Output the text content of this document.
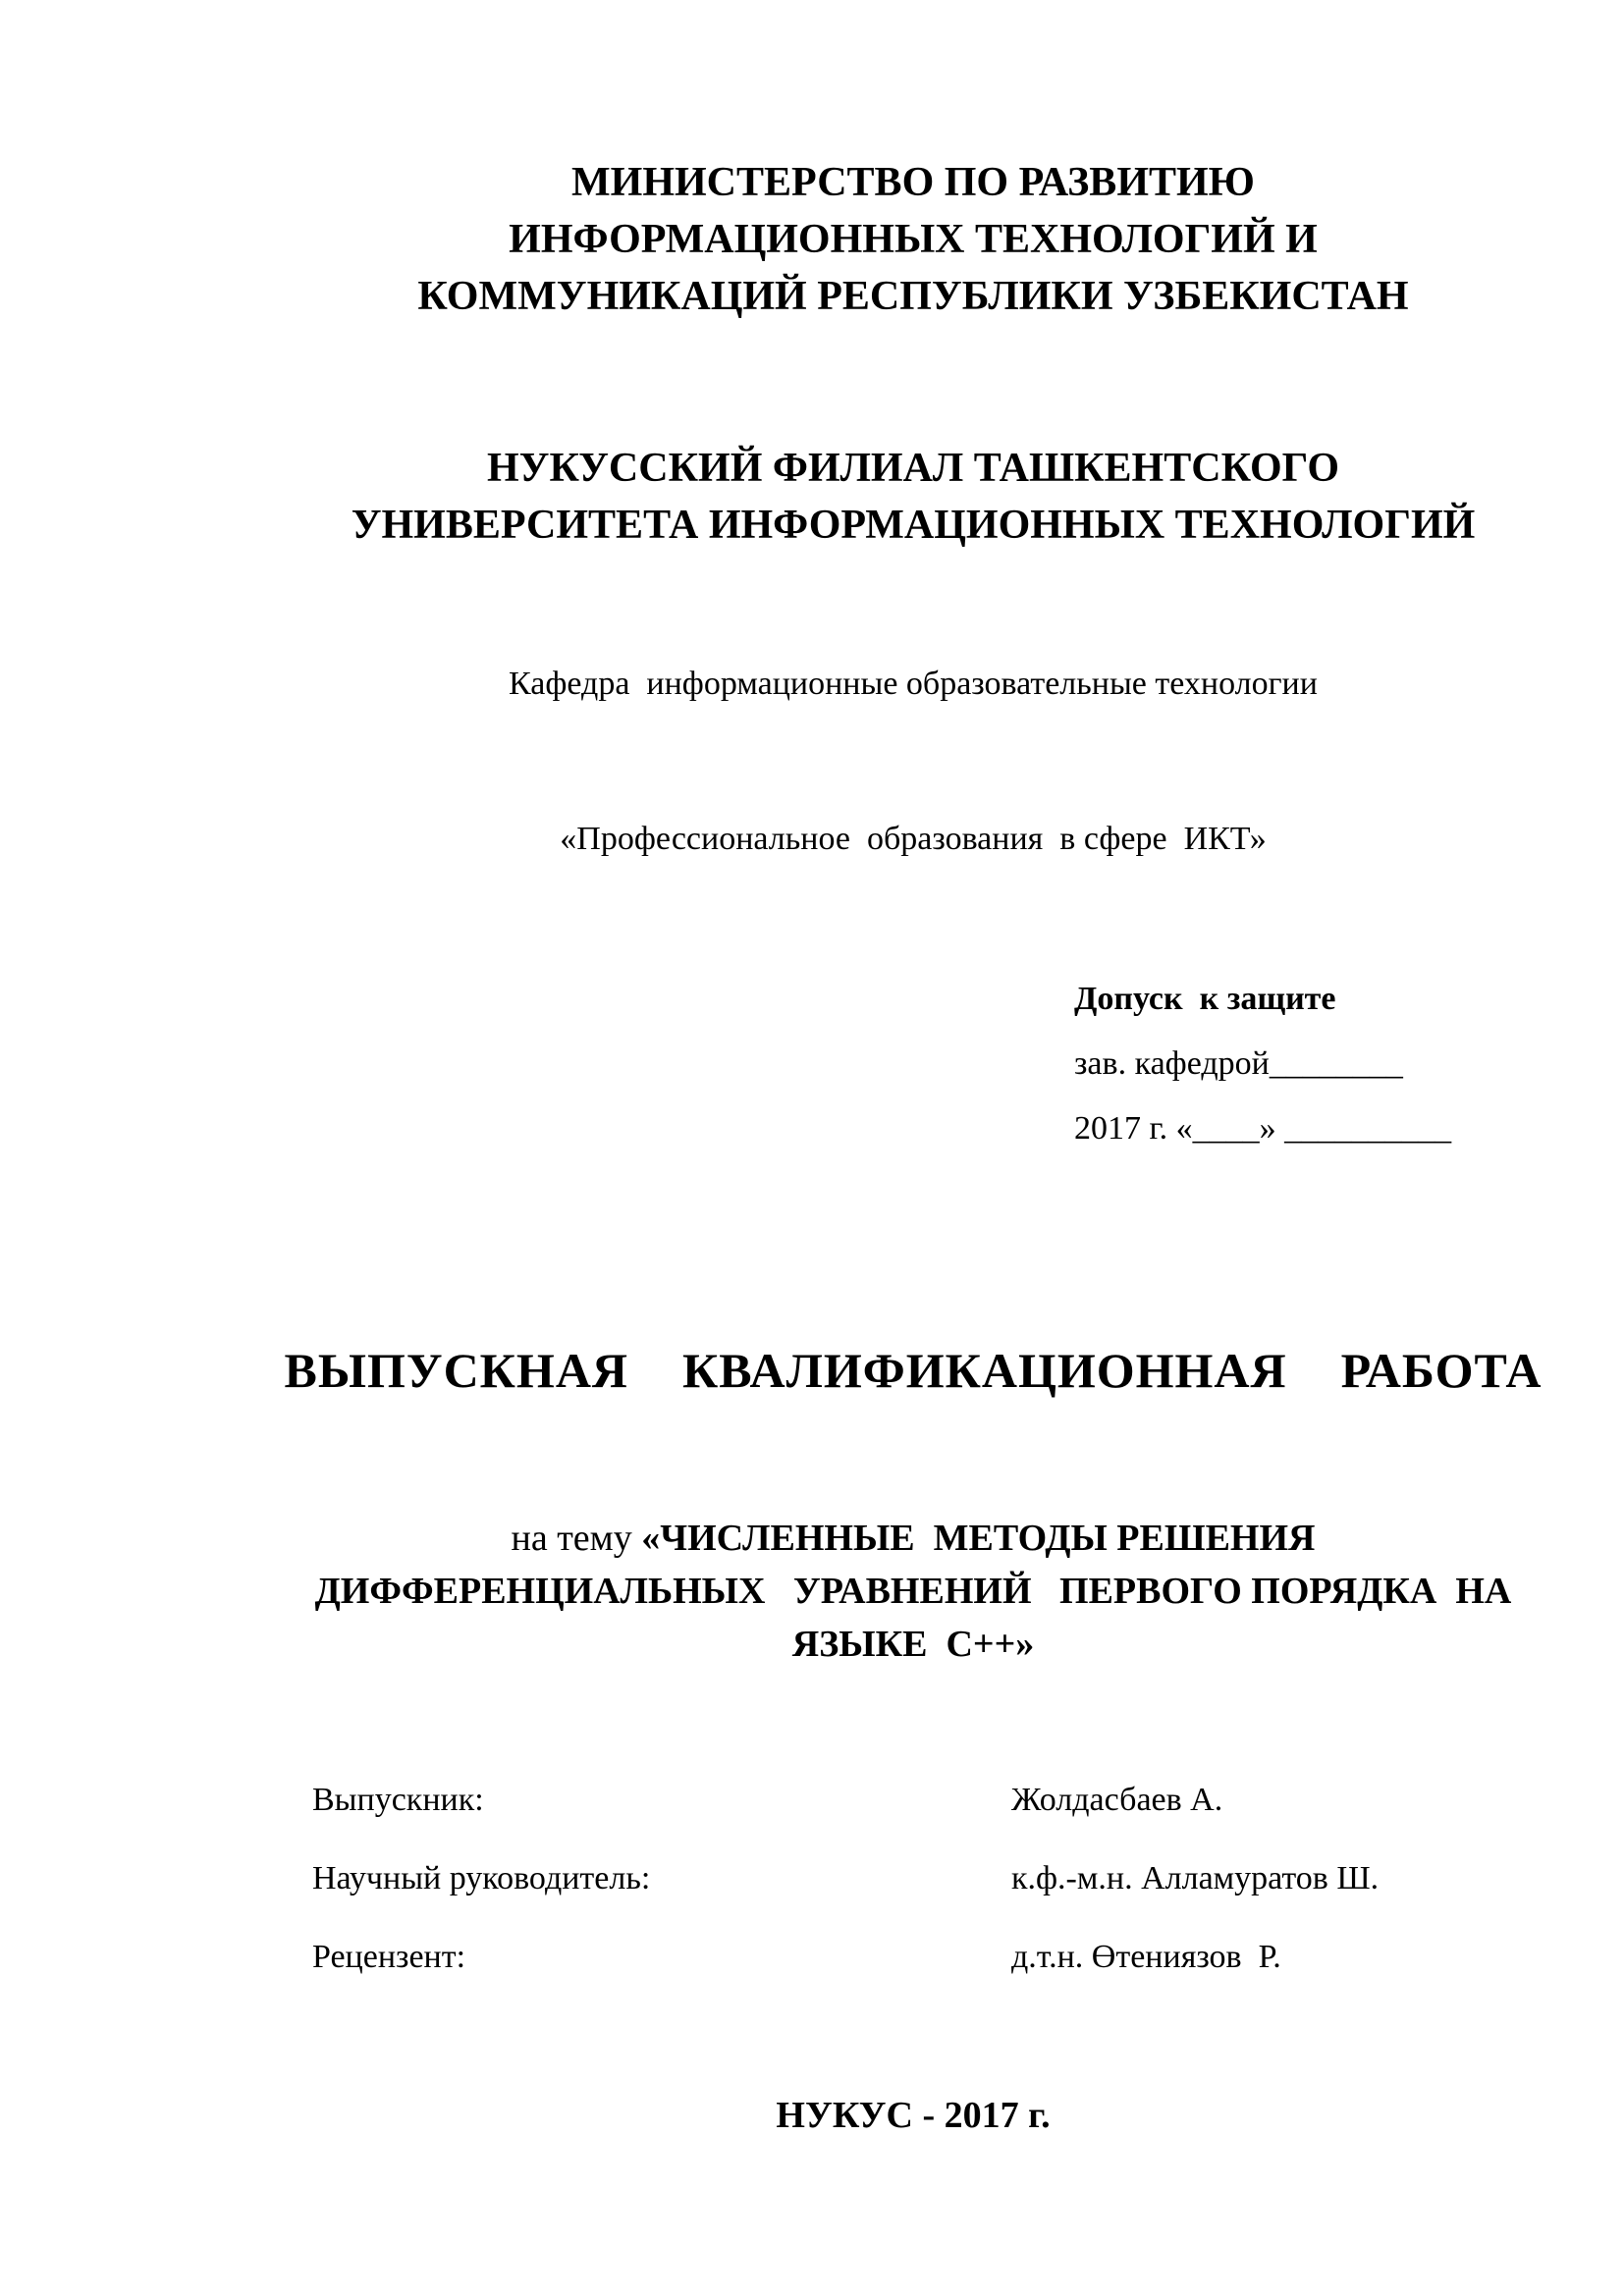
МИНИСТЕРСТВО ПО РАЗВИТИЮ
ИНФОРМАЦИОННЫХ ТЕХНОЛОГИЙ И
КОММУНИКАЦИЙ РЕСПУБЛИКИ УЗБЕКИСТАН
НУКУССКИЙ ФИЛИАЛ ТАШКЕНТСКОГО
УНИВЕРСИТЕТА ИНФОРМАЦИОННЫХ ТЕХНОЛОГИЙ
Кафедра  информационные образовательные технологии
«Профессиональное  образования  в сфере  ИКТ»
Допуск  к защите
зав. кафедрой________
2017 г. «____» __________
ВЫПУСКНАЯ  КВАЛИФИКАЦИОННАЯ  РАБОТА
на тему «ЧИСЛЕННЫЕ  МЕТОДЫ РЕШЕНИЯ
ДИФФЕРЕНЦИАЛЬНЫХ   УРАВНЕНИЙ   ПЕРВОГО ПОРЯДКА  НА
ЯЗЫКЕ  С++»
Выпускник:	Жолдасбаев А.
Научный руководитель:	к.ф.-м.н. Алламуратов Ш.
Рецензент:	д.т.н. Өтениязов  Р.
НУКУС - 2017 г.
